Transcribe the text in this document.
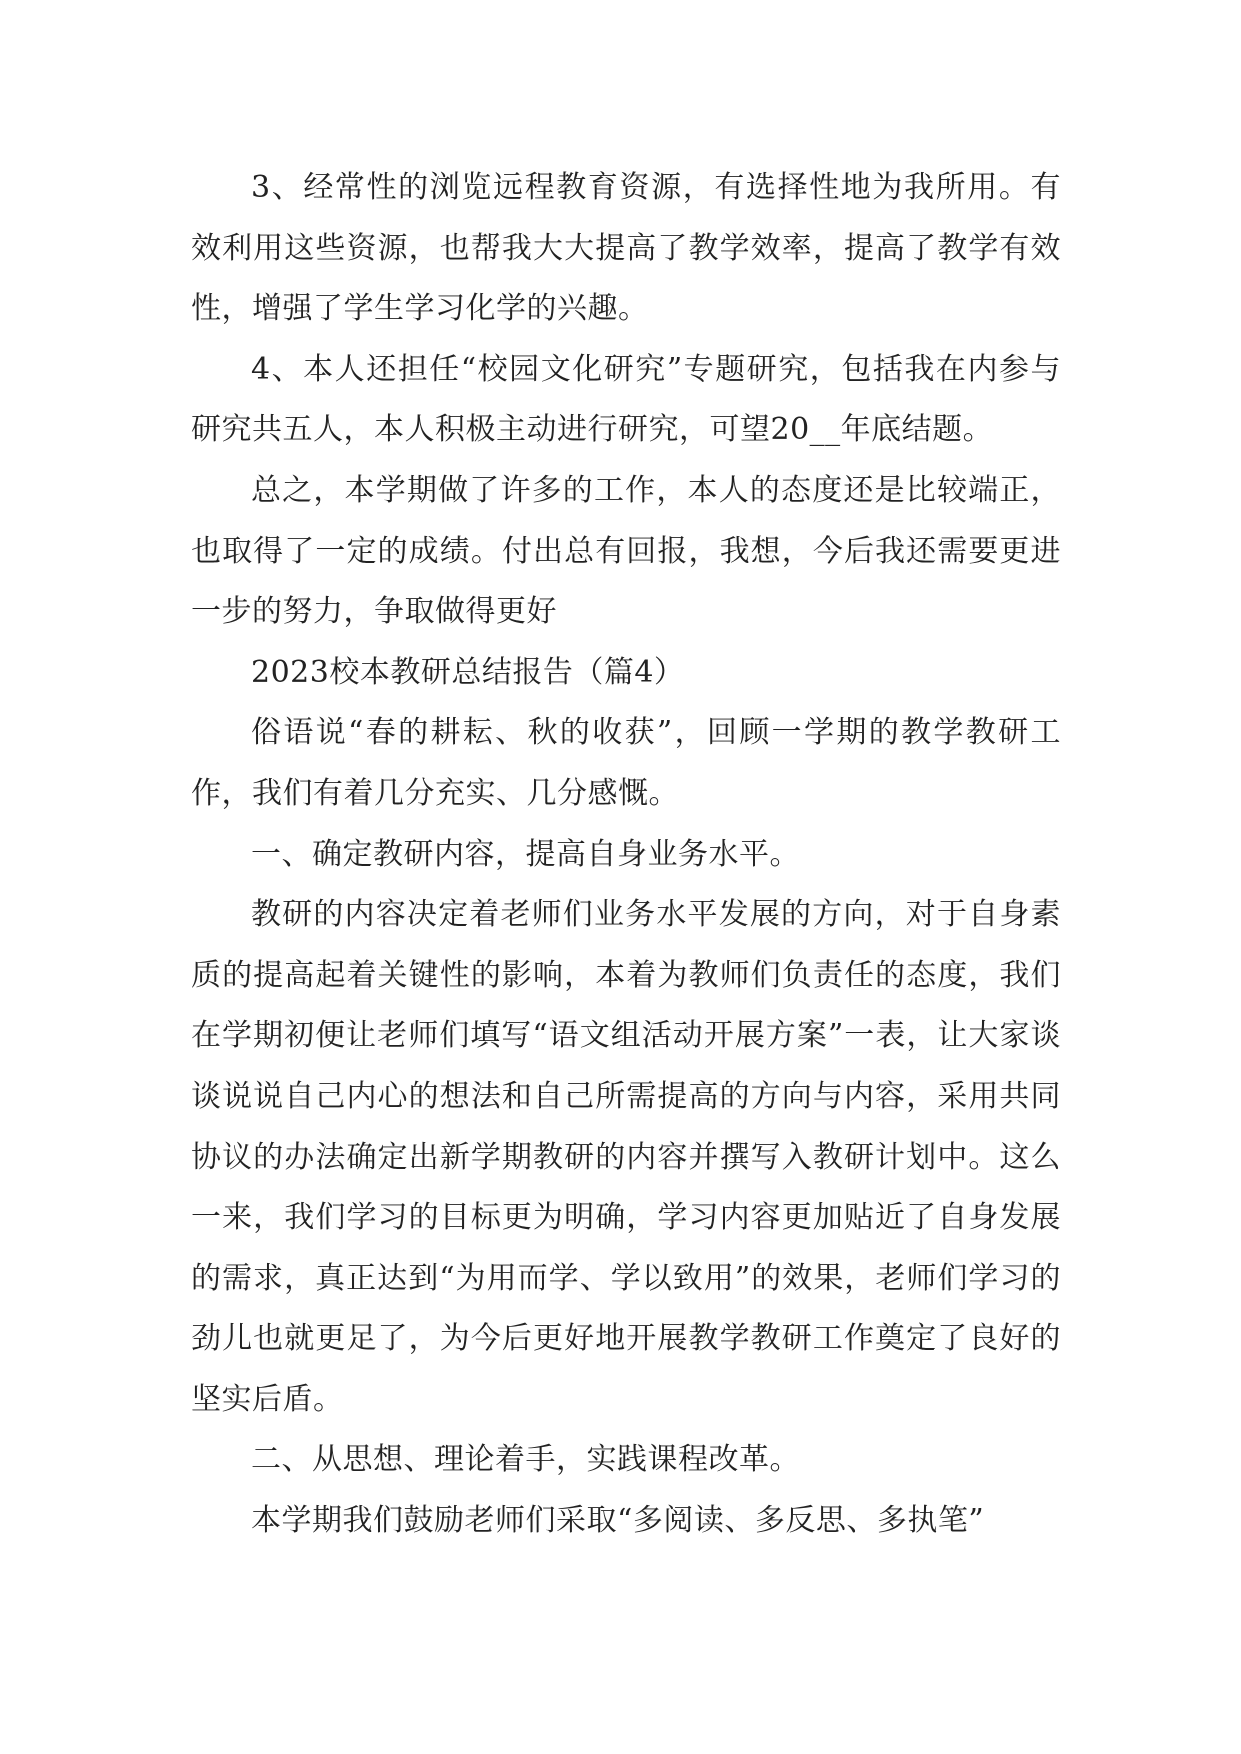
3、经常性的浏览远程教育资源，有选择性地为我所用。有效利用这些资源，也帮我大大提高了教学效率，提高了教学有效性，增强了学生学习化学的兴趣。

4、本人还担任“校园文化研究”专题研究，包括我在内参与研究共五人，本人积极主动进行研究，可望20__年底结题。

总之，本学期做了许多的工作，本人的态度还是比较端正，也取得了一定的成绩。付出总有回报，我想，今后我还需要更进一步的努力，争取做得更好

2023校本教研总结报告（篇4）

俗语说“春的耕耘、秋的收获”，回顾一学期的教学教研工作，我们有着几分充实、几分感慨。

一、确定教研内容，提高自身业务水平。

教研的内容决定着老师们业务水平发展的方向，对于自身素质的提高起着关键性的影响，本着为教师们负责任的态度，我们在学期初便让老师们填写“语文组活动开展方案”一表，让大家谈谈说说自己内心的想法和自己所需提高的方向与内容，采用共同协议的办法确定出新学期教研的内容并撰写入教研计划中。这么一来，我们学习的目标更为明确，学习内容更加贴近了自身发展的需求，真正达到“为用而学、学以致用”的效果，老师们学习的劲儿也就更足了，为今后更好地开展教学教研工作奠定了良好的坚实后盾。

二、从思想、理论着手，实践课程改革。

本学期我们鼓励老师们采取“多阅读、多反思、多执笔”
